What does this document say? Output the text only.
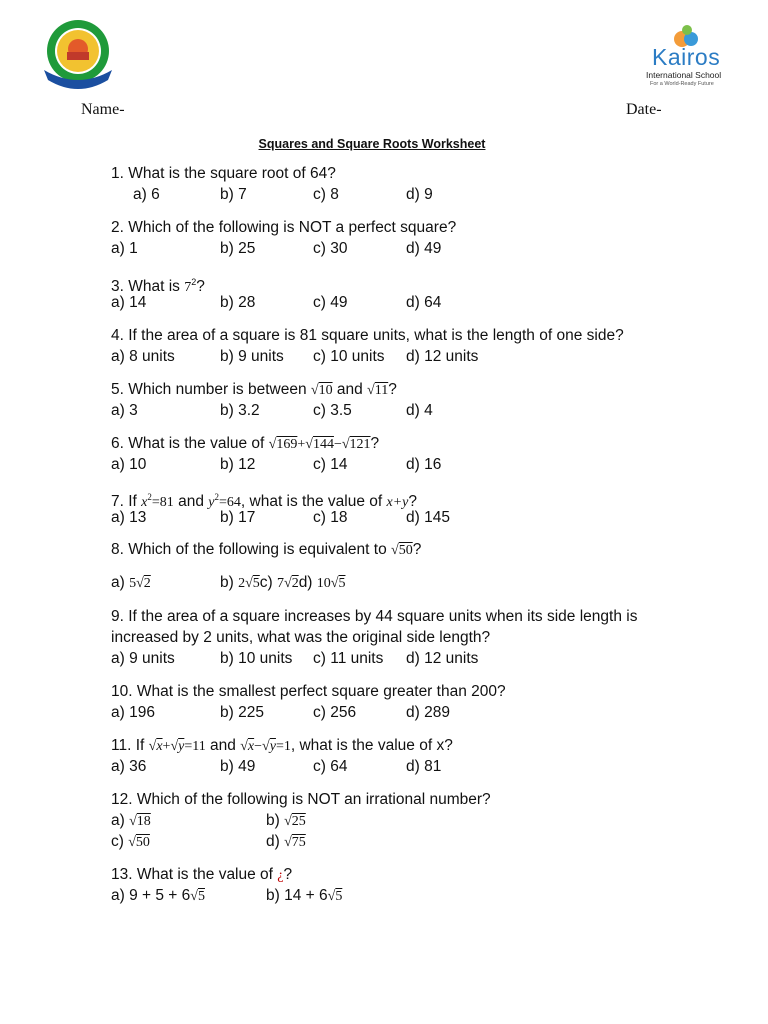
Kairos
International School
For a World-Ready Future
Name-	Date-
Squares and Square Roots Worksheet
1. What is the square root of 64?
a) 6	b) 7	c) 8	d) 9
2. Which of the following is NOT a perfect square?
a) 1	b) 25	c) 30	d) 49
3. What is $7^2$?
a) 14	b) 28	c) 49	d) 64
4. If the area of a square is 81 square units, what is the length of one side?
a) 8 units	b) 9 units c) 10 units d) 12 units
5. Which number is between √10 and √11?
a) 3	b) 3.2	c) 3.5	d) 4
6. What is the value of √169+√144−√121?
a) 10	b) 12	c) 14	d) 16
7. If $x^2=81$ and $y^2=64$, what is the value of x+y?
a) 13	b) 17	c) 18	d) 145
8. Which of the following is equivalent to √50?
a) 5√2	b) 2√5c) 7√2d) 10√5
9. If the area of a square increases by 44 square units when its side length is
increased by 2 units, what was the original side length?
a) 9 units	b) 10 units c) 11 units d) 12 units
10. What is the smallest perfect square greater than 200?
a) 196	b) 225	c) 256	d) 289
11. If √x+√y=11 and √x−√y=1, what is the value of x?
a) 36	b) 49	c) 64	d) 81
12. Which of the following is NOT an irrational number?
a) √18	b) √25
c) √50	d) √75
13. What is the value of ¿?
a) 9 + 5 + 6√5	b) 14 + 6√5
